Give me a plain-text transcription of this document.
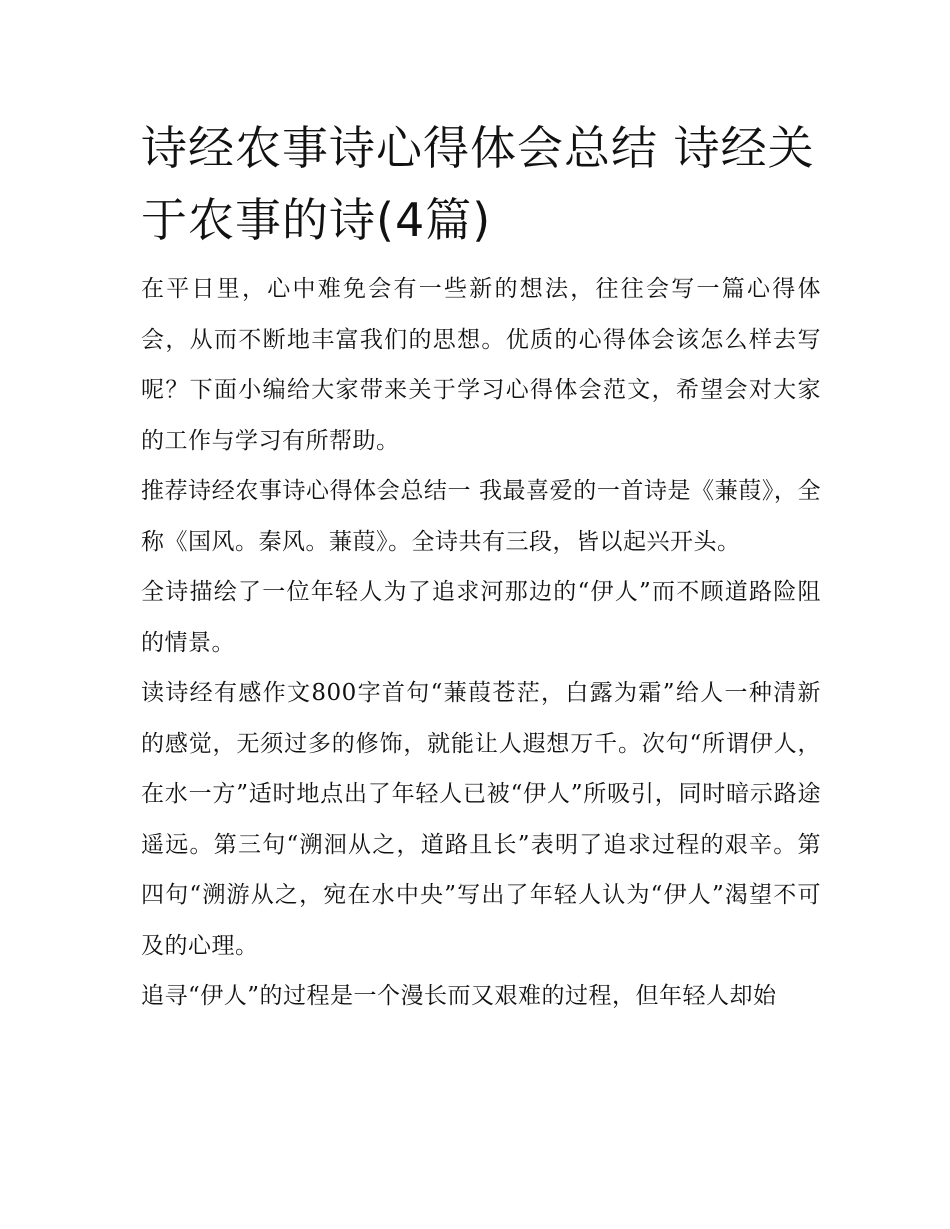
诗经农事诗心得体会总结 诗经关于农事的诗(4篇)

在平日里，心中难免会有一些新的想法，往往会写一篇心得体会，从而不断地丰富我们的思想。优质的心得体会该怎么样去写呢？下面小编给大家带来关于学习心得体会范文，希望会对大家的工作与学习有所帮助。

推荐诗经农事诗心得体会总结一 我最喜爱的一首诗是《蒹葭》，全称《国风。秦风。蒹葭》。全诗共有三段，皆以起兴开头。

全诗描绘了一位年轻人为了追求河那边的“伊人”而不顾道路险阻的情景。

读诗经有感作文800字首句“蒹葭苍茫，白露为霜”给人一种清新的感觉，无须过多的修饰，就能让人遐想万千。次句“所谓伊人，在水一方”适时地点出了年轻人已被“伊人”所吸引，同时暗示路途遥远。第三句“溯洄从之，道路且长”表明了追求过程的艰辛。第四句“溯游从之，宛在水中央”写出了年轻人认为“伊人”渴望不可及的心理。

追寻“伊人”的过程是一个漫长而又艰难的过程，但年轻人却始
